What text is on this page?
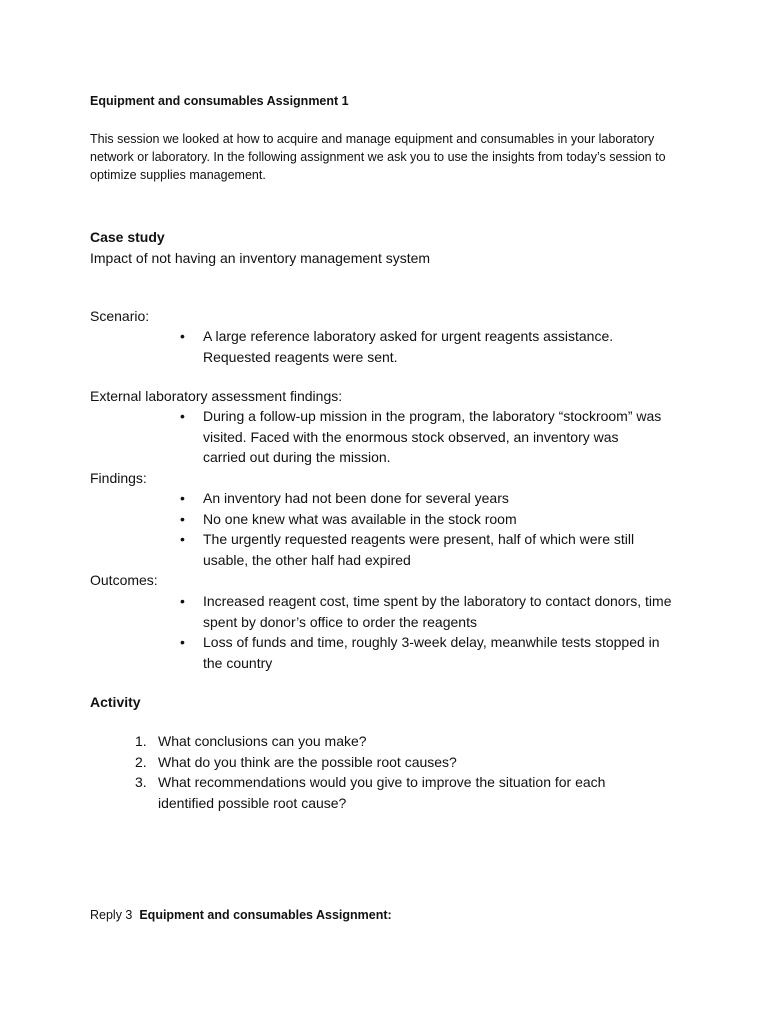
Equipment and consumables Assignment 1

This session we looked at how to acquire and manage equipment and consumables in your laboratory network or laboratory. In the following assignment we ask you to use the insights from today’s session to optimize supplies management.

Case study

Impact of not having an inventory management system

Scenario:

• A large reference laboratory asked for urgent reagents assistance. Requested reagents were sent.

External laboratory assessment findings:

• During a follow-up mission in the program, the laboratory “stockroom” was visited. Faced with the enormous stock observed, an inventory was carried out during the mission.

Findings:

• An inventory had not been done for several years
• No one knew what was available in the stock room
• The urgently requested reagents were present, half of which were still usable, the other half had expired

Outcomes:

• Increased reagent cost, time spent by the laboratory to contact donors, time spent by donor’s office to order the reagents
• Loss of funds and time, roughly 3-week delay, meanwhile tests stopped in the country

Activity

1. What conclusions can you make?
2. What do you think are the possible root causes?
3. What recommendations would you give to improve the situation for each identified possible root cause?

Reply 3 Equipment and consumables Assignment:
